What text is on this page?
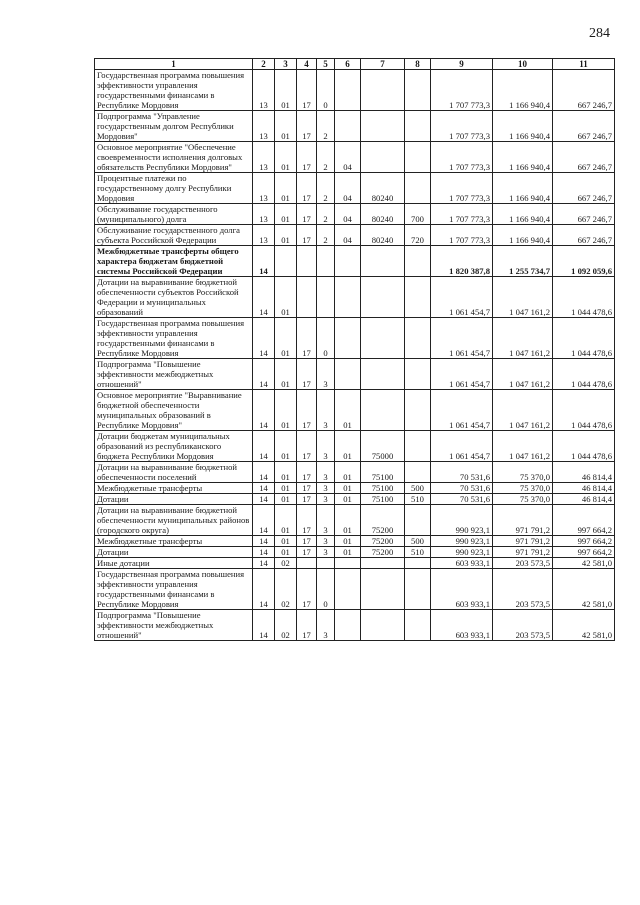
284
1	2	3	4	5	6	7	8	9	10	11
Государственная программа повышения эффективности управления государственными финансами в Республике Мордовия	13	01	17	0				1 707 773,3	1 166 940,4	667 246,7
Подпрограмма "Управление государственным долгом Республики Мордовия"	13	01	17	2				1 707 773,3	1 166 940,4	667 246,7
Основное мероприятие "Обеспечение своевременности исполнения долговых обязательств Республики Мордовия"	13	01	17	2	04			1 707 773,3	1 166 940,4	667 246,7
Процентные платежи по государственному долгу Республики Мордовия	13	01	17	2	04	80240		1 707 773,3	1 166 940,4	667 246,7
Обслуживание государственного (муниципального) долга	13	01	17	2	04	80240	700	1 707 773,3	1 166 940,4	667 246,7
Обслуживание государственного долга субъекта Российской Федерации	13	01	17	2	04	80240	720	1 707 773,3	1 166 940,4	667 246,7
Межбюджетные трансферты общего характера бюджетам бюджетной системы Российской Федерации	14							1 820 387,8	1 255 734,7	1 092 059,6
Дотации на выравнивание бюджетной обеспеченности субъектов Российской Федерации и муниципальных образований	14	01						1 061 454,7	1 047 161,2	1 044 478,6
Государственная программа повышения эффективности управления государственными финансами в Республике Мордовия	14	01	17	0				1 061 454,7	1 047 161,2	1 044 478,6
Подпрограмма "Повышение эффективности межбюджетных отношений"	14	01	17	3				1 061 454,7	1 047 161,2	1 044 478,6
Основное мероприятие "Выравнивание бюджетной обеспеченности муниципальных образований в Республике Мордовия"	14	01	17	3	01			1 061 454,7	1 047 161,2	1 044 478,6
Дотации бюджетам муниципальных образований из республиканского бюджета Республики Мордовия	14	01	17	3	01	75000		1 061 454,7	1 047 161,2	1 044 478,6
Дотации на выравнивание бюджетной обеспеченности поселений	14	01	17	3	01	75100		70 531,6	75 370,0	46 814,4
Межбюджетные трансферты	14	01	17	3	01	75100	500	70 531,6	75 370,0	46 814,4
Дотации	14	01	17	3	01	75100	510	70 531,6	75 370,0	46 814,4
Дотации на выравнивание бюджетной обеспеченности муниципальных районов (городского округа)	14	01	17	3	01	75200		990 923,1	971 791,2	997 664,2
Межбюджетные трансферты	14	01	17	3	01	75200	500	990 923,1	971 791,2	997 664,2
Дотации	14	01	17	3	01	75200	510	990 923,1	971 791,2	997 664,2
Иные дотации	14	02						603 933,1	203 573,5	42 581,0
Государственная программа повышения эффективности управления государственными финансами в Республике Мордовия	14	02	17	0				603 933,1	203 573,5	42 581,0
Подпрограмма "Повышение эффективности межбюджетных отношений"	14	02	17	3				603 933,1	203 573,5	42 581,0
